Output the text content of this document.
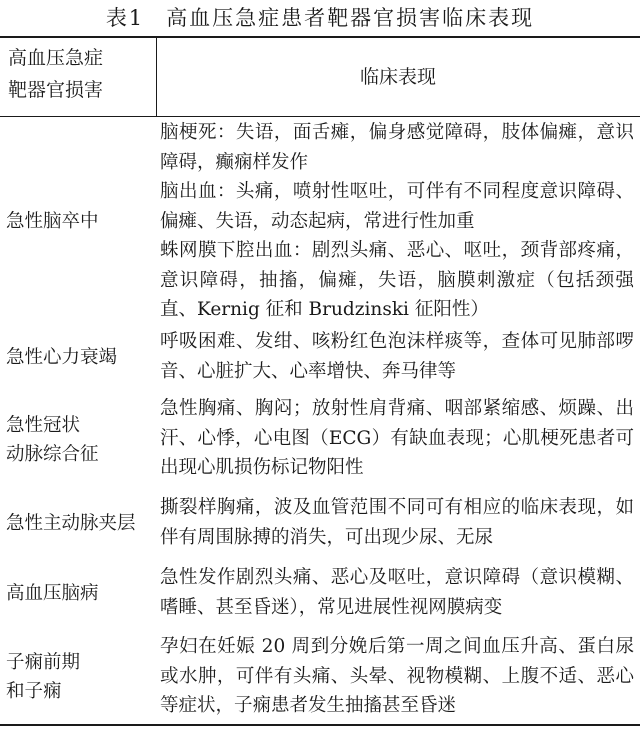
表1 高血压急症患者靶器官损害临床表现
高血压急症
靶器官损害
临床表现
急性脑卒中
脑梗死：失语，面舌瘫，偏身感觉障碍，肢体偏瘫，意识障碍，癫痫样发作
脑出血：头痛，喷射性呕吐，可伴有不同程度意识障碍、偏瘫、失语，动态起病，常进行性加重
蛛网膜下腔出血：剧烈头痛、恶心、呕吐，颈背部疼痛，意识障碍，抽搐，偏瘫，失语，脑膜刺激症（包括颈强直、Kernig 征和 Brudzinski 征阳性）
急性心力衰竭
呼吸困难、发绀、咳粉红色泡沫样痰等，查体可见肺部啰音、心脏扩大、心率增快、奔马律等
急性冠状
动脉综合征
急性胸痛、胸闷；放射性肩背痛、咽部紧缩感、烦躁、出汗、心悸，心电图（ECG）有缺血表现；心肌梗死患者可出现心肌损伤标记物阳性
急性主动脉夹层
撕裂样胸痛，波及血管范围不同可有相应的临床表现，如伴有周围脉搏的消失，可出现少尿、无尿
高血压脑病
急性发作剧烈头痛、恶心及呕吐，意识障碍（意识模糊、嗜睡、甚至昏迷），常见进展性视网膜病变
子痫前期
和子痫
孕妇在妊娠 20 周到分娩后第一周之间血压升高、蛋白尿或水肿，可伴有头痛、头晕、视物模糊、上腹不适、恶心等症状，子痫患者发生抽搐甚至昏迷
